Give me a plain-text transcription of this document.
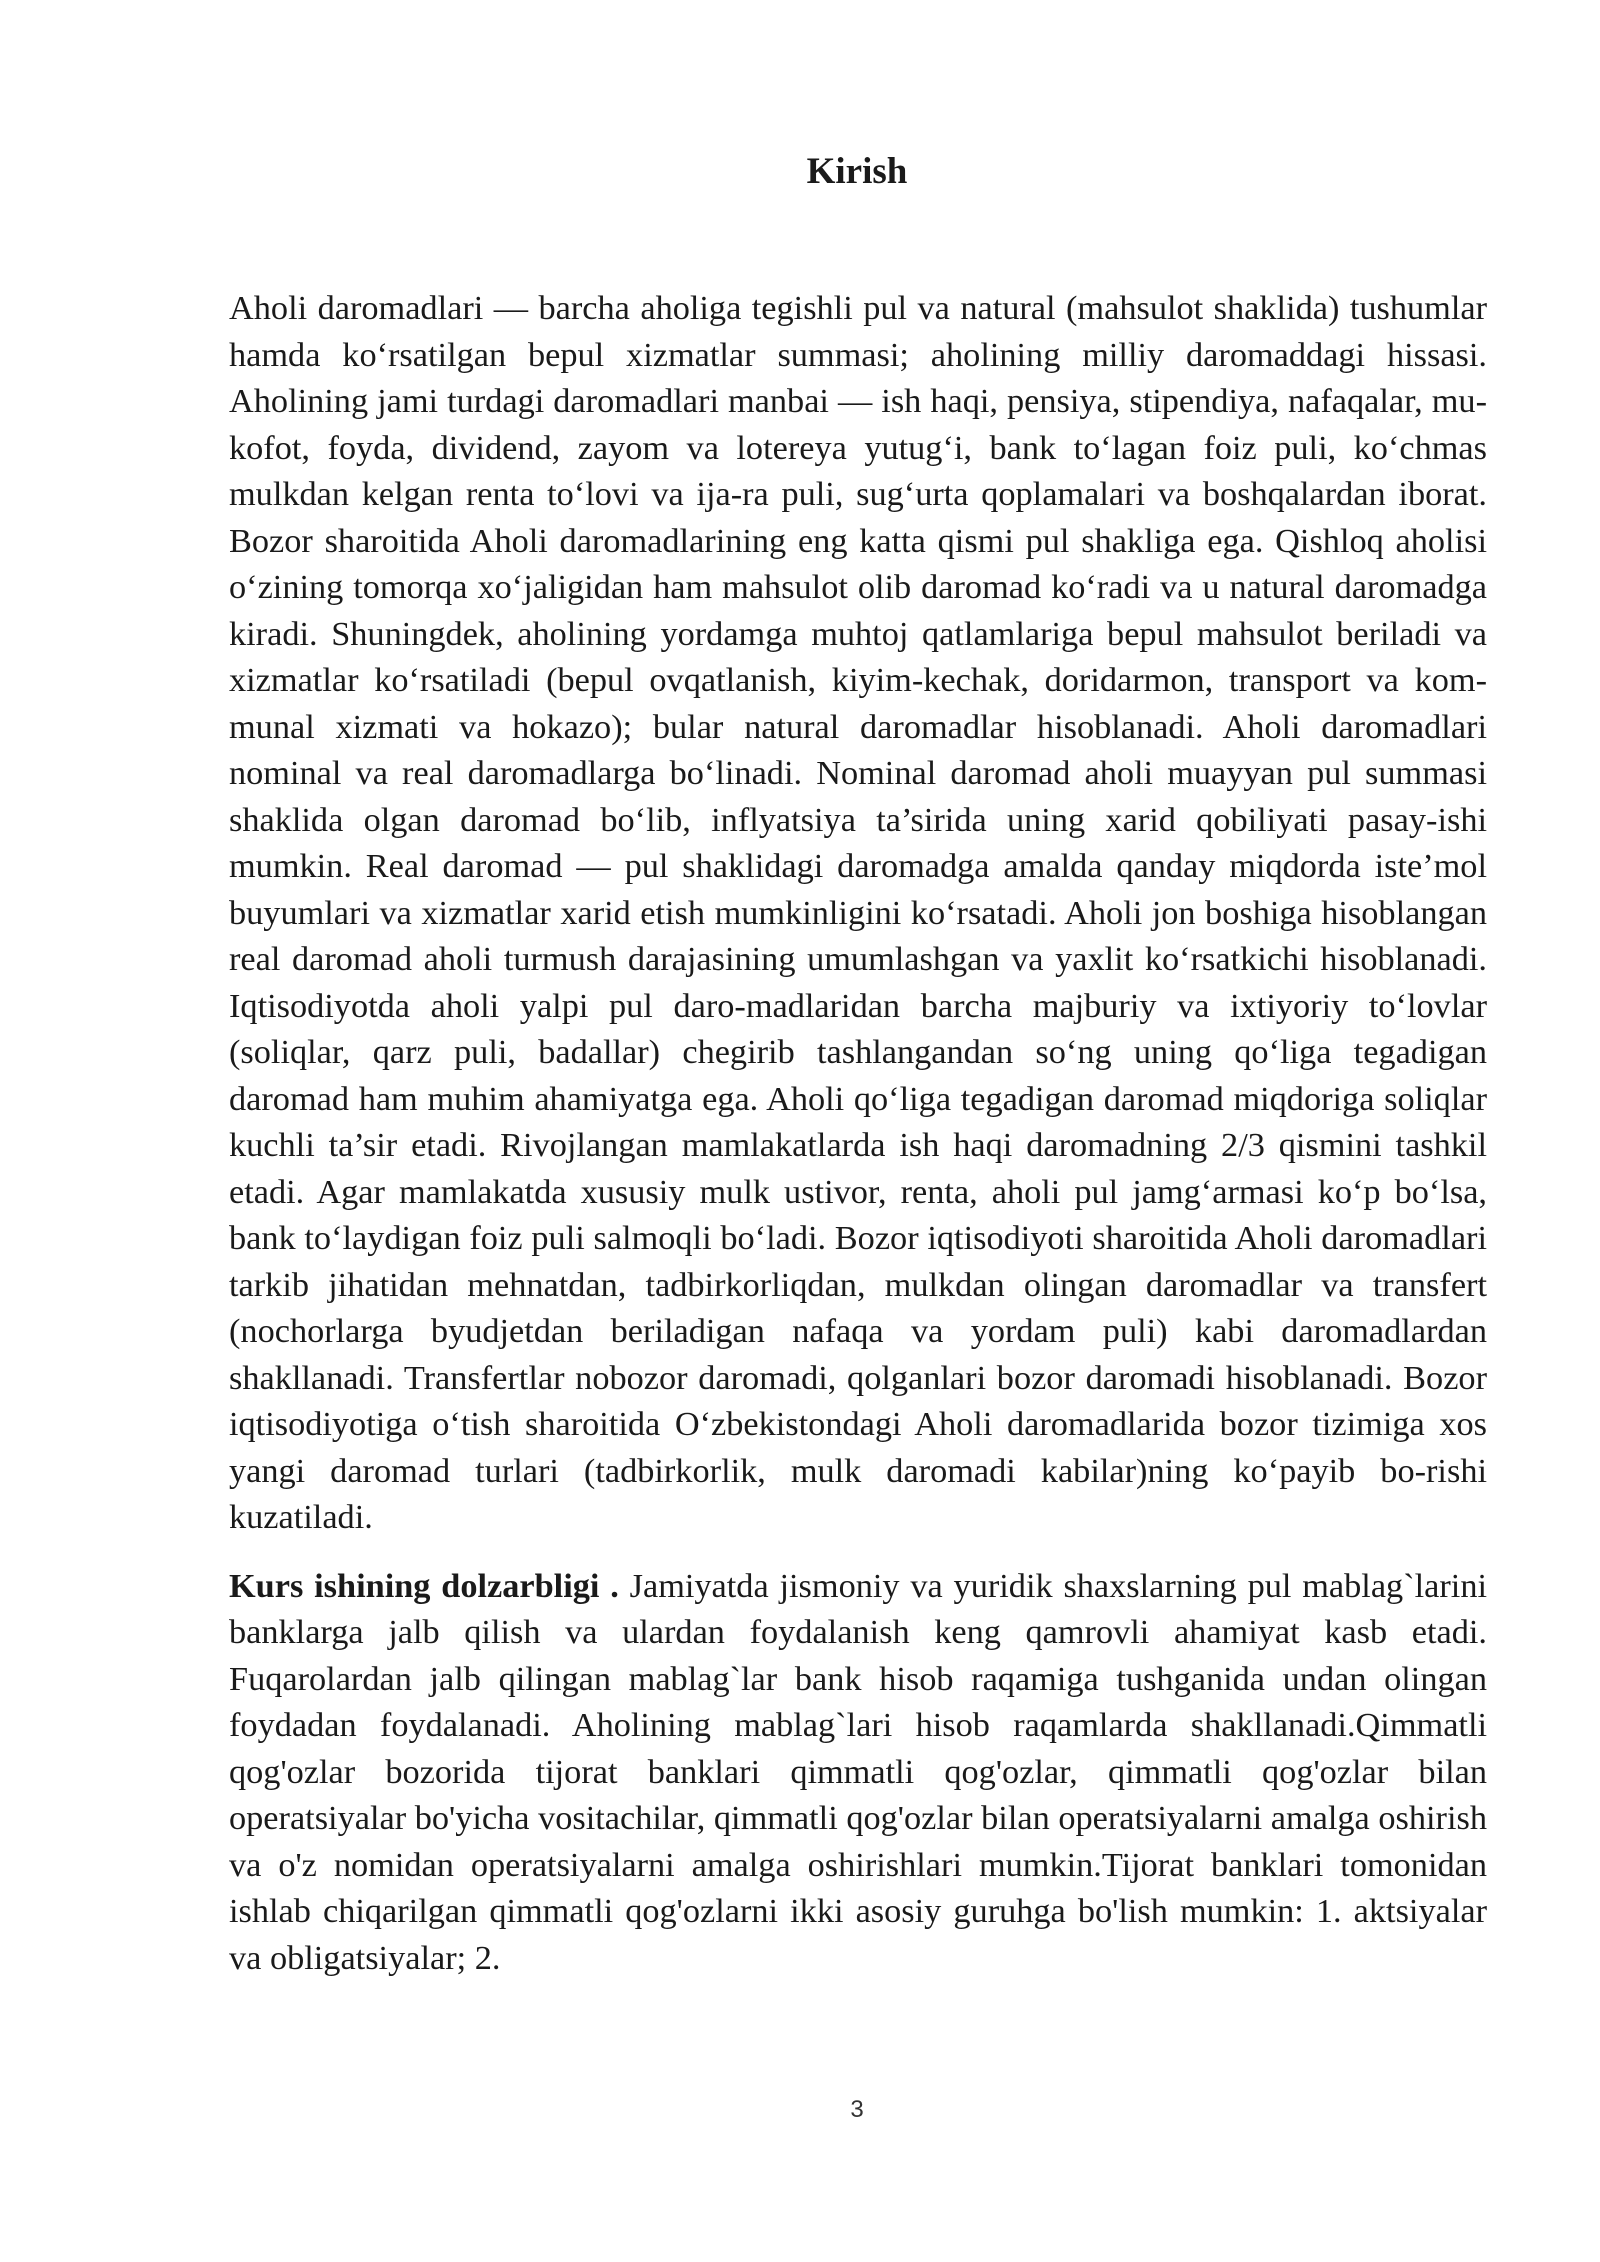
Kirish

Aholi daromadlari — barcha aholiga tegishli pul va natural (mahsulot shaklida) tushumlar hamda ko‘rsatilgan bepul xizmatlar summasi; aholining milliy daromaddagi hissasi. Aholining jami turdagi daromadlari manbai — ish haqi, pensiya, stipendiya, nafaqalar, mu-kofot, foyda, dividend, zayom va lotereya yutug‘i, bank to‘lagan foiz puli, ko‘chmas mulkdan kelgan renta to‘lovi va ija-ra puli, sug‘urta qoplamalari va boshqalardan iborat. Bozor sharoitida Aholi daromadlarining eng katta qismi pul shakliga ega. Qishloq aholisi o‘zining tomorqa xo‘jaligidan ham mahsulot olib daromad ko‘radi va u natural daromadga kiradi. Shuningdek, aholining yordamga muhtoj qatlamlariga bepul mahsulot beriladi va xizmatlar ko‘rsatiladi (bepul ovqatlanish, kiyim-kechak, doridarmon, transport va kom-munal xizmati va hokazo); bular natural daromadlar hisoblanadi. Aholi daromadlari nominal va real daromadlarga bo‘linadi. Nominal daromad aholi muayyan pul summasi shaklida olgan daromad bo‘lib, inflyatsiya ta’sirida uning xarid qobiliyati pasay-ishi mumkin. Real daromad — pul shaklidagi daromadga amalda qanday miqdorda iste’mol buyumlari va xizmatlar xarid etish mumkinligini ko‘rsatadi. Aholi jon boshiga hisoblangan real daromad aholi turmush darajasining umumlashgan va yaxlit ko‘rsatkichi hisoblanadi. Iqtisodiyotda aholi yalpi pul daro-madlaridan barcha majburiy va ixtiyoriy to‘lovlar (soliqlar, qarz puli, badallar) chegirib tashlangandan so‘ng uning qo‘liga tegadigan daromad ham muhim ahamiyatga ega. Aholi qo‘liga tegadigan daromad miqdoriga soliqlar kuchli ta’sir etadi. Rivojlangan mamlakatlarda ish haqi daromadning 2/3 qismini tashkil etadi. Agar mamlakatda xususiy mulk ustivor, renta, aholi pul jamg‘armasi ko‘p bo‘lsa, bank to‘laydigan foiz puli salmoqli bo‘ladi. Bozor iqtisodiyoti sharoitida Aholi daromadlari tarkib jihatidan mehnatdan, tadbirkorliqdan, mulkdan olingan daromadlar va transfert (nochorlarga byudjetdan beriladigan nafaqa va yordam puli) kabi daromadlardan shakllanadi. Transfertlar nobozor daromadi, qolganlari bozor daromadi hisoblanadi. Bozor iqtisodiyotiga o‘tish sharoitida O‘zbekistondagi Aholi daromadlarida bozor tizimiga xos yangi daromad turlari (tadbirkorlik, mulk daromadi kabilar)ning ko‘payib bo-rishi kuzatiladi.

Kurs ishining dolzarbligi . Jamiyatda jismoniy va yuridik shaxslarning pul mablag`larini banklarga jalb qilish va ulardan foydalanish keng qamrovli ahamiyat kasb etadi. Fuqarolardan jalb qilingan mablag`lar bank hisob raqamiga tushganida undan olingan foydadan foydalanadi. Aholining mablag`lari hisob raqamlarda shakllanadi.Qimmatli qog'ozlar bozorida tijorat banklari qimmatli qog'ozlar, qimmatli qog'ozlar bilan operatsiyalar bo'yicha vositachilar, qimmatli qog'ozlar bilan operatsiyalarni amalga oshirish va o'z nomidan operatsiyalarni amalga oshirishlari mumkin.Tijorat banklari tomonidan ishlab chiqarilgan qimmatli qog'ozlarni ikki asosiy guruhga bo'lish mumkin: 1. aktsiyalar va obligatsiyalar; 2.

3
